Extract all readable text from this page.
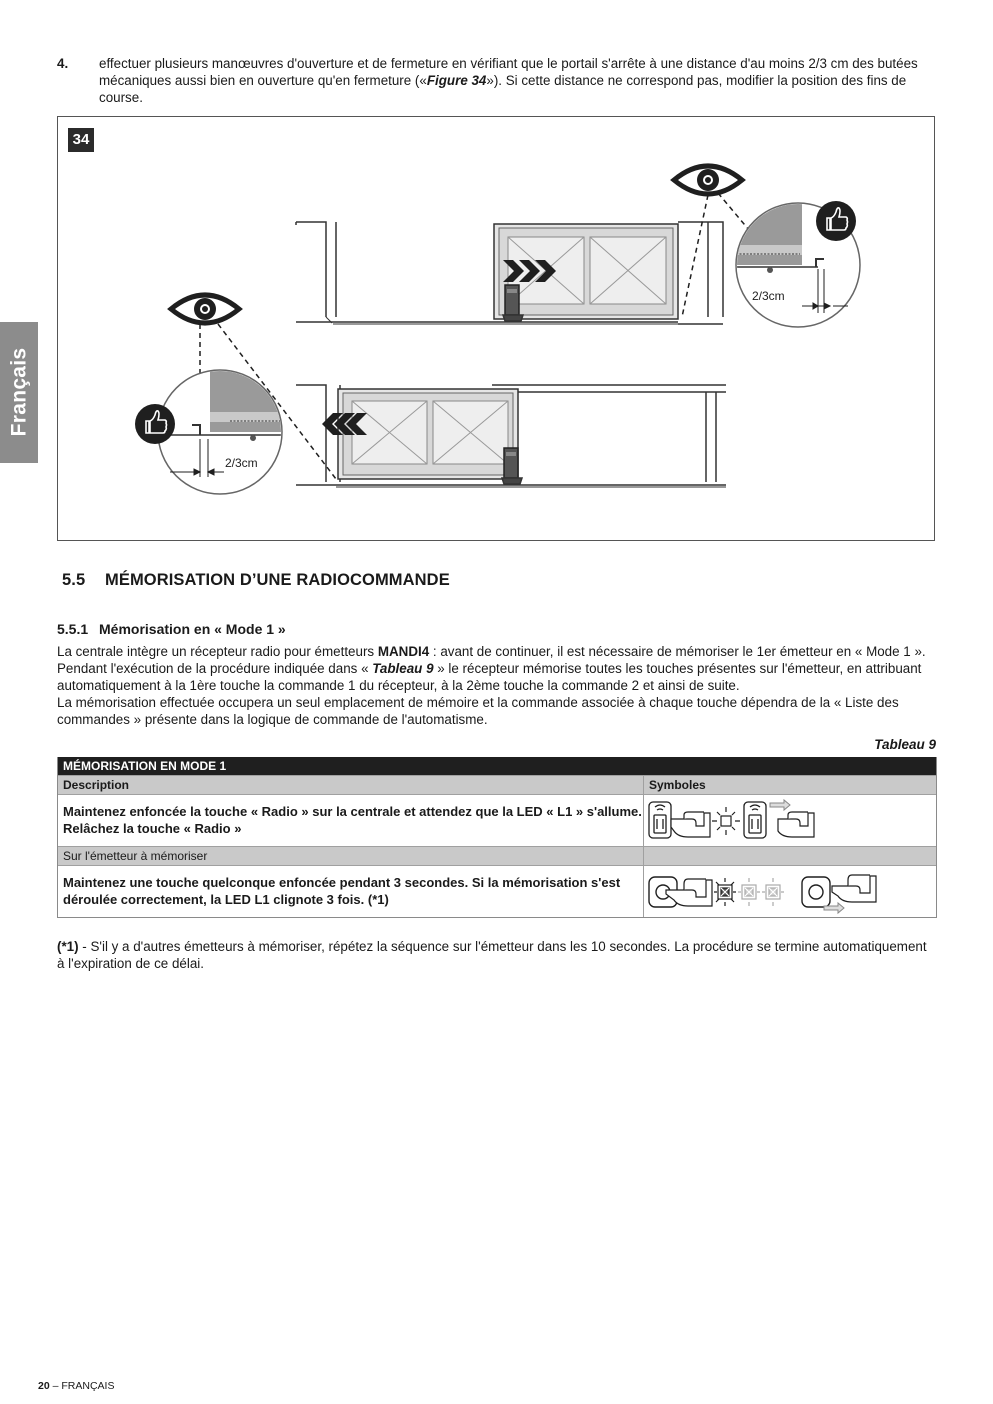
Français
4. effectuer plusieurs manœuvres d'ouverture et de fermeture en vérifiant que le portail s'arrête à une distance d'au moins 2/3 cm des butées mécaniques aussi bien en ouverture qu'en fermeture («Figure 34»). Si cette distance ne correspond pas, modifier la position des fins de course.
34
2/3cm
2/3cm
5.5 MÉMORISATION D’UNE RADIOCOMMANDE
5.5.1 Mémorisation en « Mode 1 »
La centrale intègre un récepteur radio pour émetteurs MANDI4 : avant de continuer, il est nécessaire de mémoriser le 1er émetteur en « Mode 1 ». Pendant l'exécution de la procédure indiquée dans « Tableau 9 » le récepteur mémorise toutes les touches présentes sur l'émetteur, en attribuant automatiquement à la 1ère touche la commande 1 du récepteur, à la 2ème touche la commande 2 et ainsi de suite.
La mémorisation effectuée occupera un seul emplacement de mémoire et la commande associée à chaque touche dépendra de la « Liste des commandes » présente dans la logique de commande de l'automatisme.
Tableau 9
MÉMORISATION EN MODE 1
Description	Symboles
Maintenez enfoncée la touche « Radio » sur la centrale et attendez que la LED « L1 » s'allume. Relâchez la touche « Radio »
Sur l'émetteur à mémoriser
Maintenez une touche quelconque enfoncée pendant 3 secondes. Si la mémorisation s'est déroulée correctement, la LED L1 clignote 3 fois. (*1)
(*1) - S'il y a d'autres émetteurs à mémoriser, répétez la séquence sur l'émetteur dans les 10 secondes. La procédure se termine automatiquement à l'expiration de ce délai.
20 – FRANÇAIS
